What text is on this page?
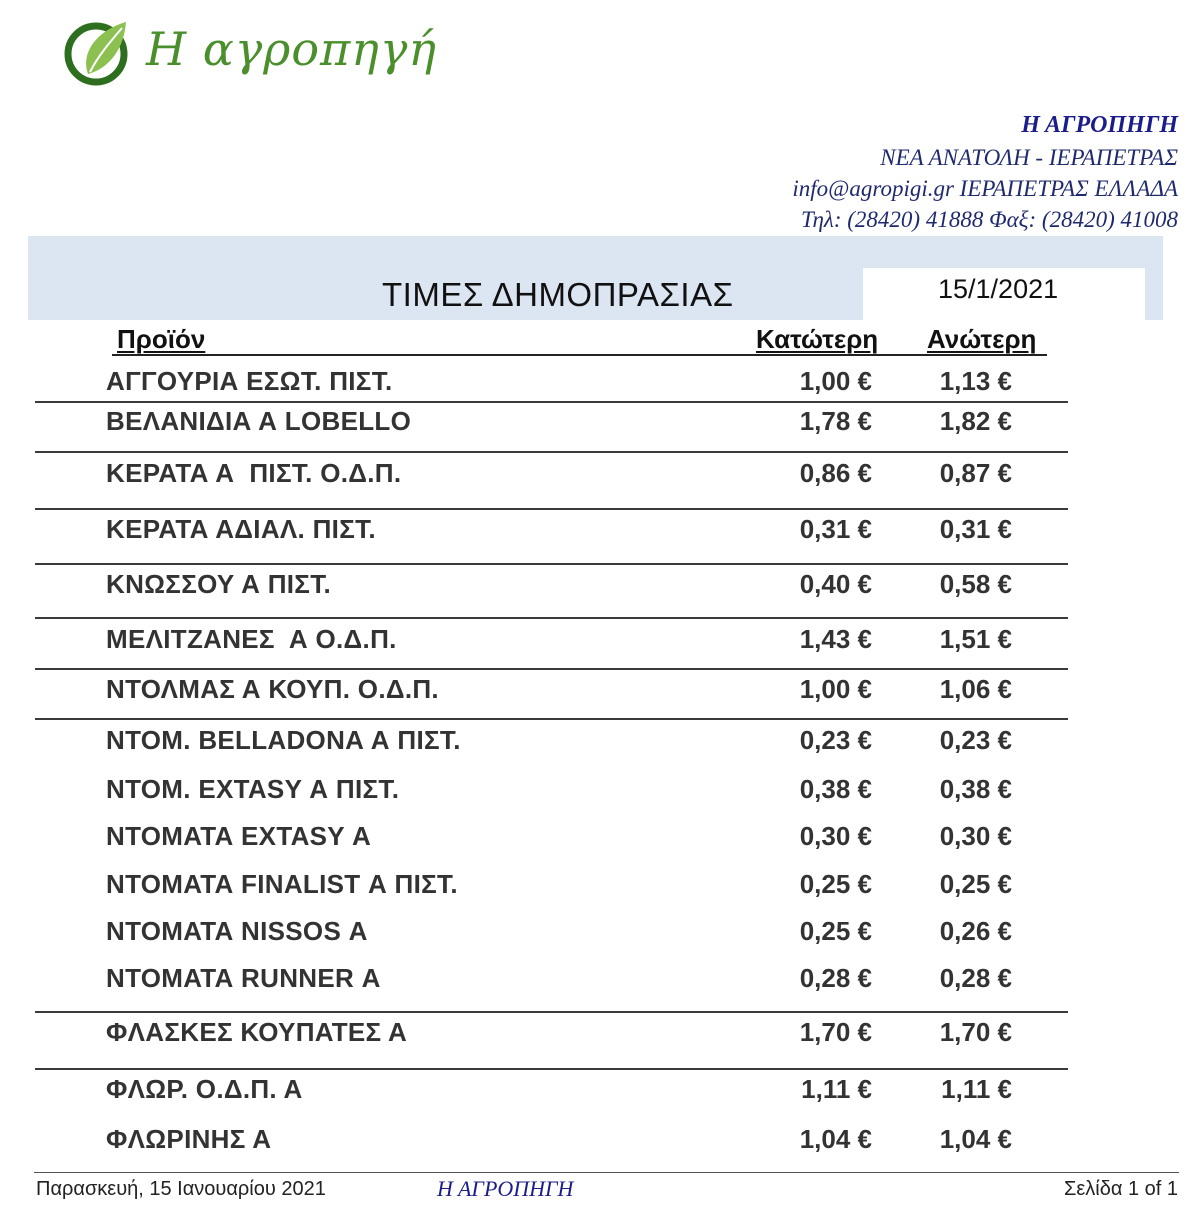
Η αγροπηγή
Η ΑΓΡΟΠΗΓΗ
ΝΕΑ ΑΝΑΤΟΛΗ - ΙΕΡΑΠΕΤΡΑΣ
info@agropigi.gr ΙΕΡΑΠΕΤΡΑΣ ΕΛΛΑΔΑ
Τηλ: (28420) 41888 Φαξ: (28420) 41008
ΤΙΜΕΣ ΔΗΜΟΠΡΑΣΙΑΣ	15/1/2021
Προϊόν	Κατώτερη Ανώτερη
ΑΓΓΟΥΡΙΑ ΕΣΩΤ. ΠΙΣΤ.	1,00 €	1,13 €
ΒΕΛΑΝΙΔΙΑ Α LOBELLO	1,78 €	1,82 €
ΚΕΡΑΤΑ Α  ΠΙΣΤ. Ο.Δ.Π.	0,86 €	0,87 €
ΚΕΡΑΤΑ ΑΔΙΑΛ. ΠΙΣΤ.	0,31 €	0,31 €
ΚΝΩΣΣΟΥ Α ΠΙΣΤ.	0,40 €	0,58 €
ΜΕΛΙΤΖΑΝΕΣ  Α Ο.Δ.Π.	1,43 €	1,51 €
ΝΤΟΛΜΑΣ Α ΚΟΥΠ. Ο.Δ.Π.	1,00 €	1,06 €
ΝΤΟΜ. BELLADONA Α ΠΙΣΤ.	0,23 €	0,23 €
ΝΤΟΜ. EXTASY Α ΠΙΣΤ.	0,38 €	0,38 €
ΝΤΟΜΑΤΑ EXTASY Α	0,30 €	0,30 €
ΝΤΟΜΑΤΑ FINALIST Α ΠΙΣΤ.	0,25 €	0,25 €
ΝΤΟΜΑΤΑ NISSOS Α	0,25 €	0,26 €
ΝΤΟΜΑΤΑ RUNNER Α	0,28 €	0,28 €
ΦΛΑΣΚΕΣ ΚΟΥΠΑΤΕΣ Α	1,70 €	1,70 €
ΦΛΩΡ. Ο.Δ.Π. Α	1,11 €	1,11 €
ΦΛΩΡΙΝΗΣ Α	1,04 €	1,04 €
Παρασκευή, 15 Ιανουαρίου 2021	Η ΑΓΡΟΠΗΓΗ	Σελίδα 1 of 1
